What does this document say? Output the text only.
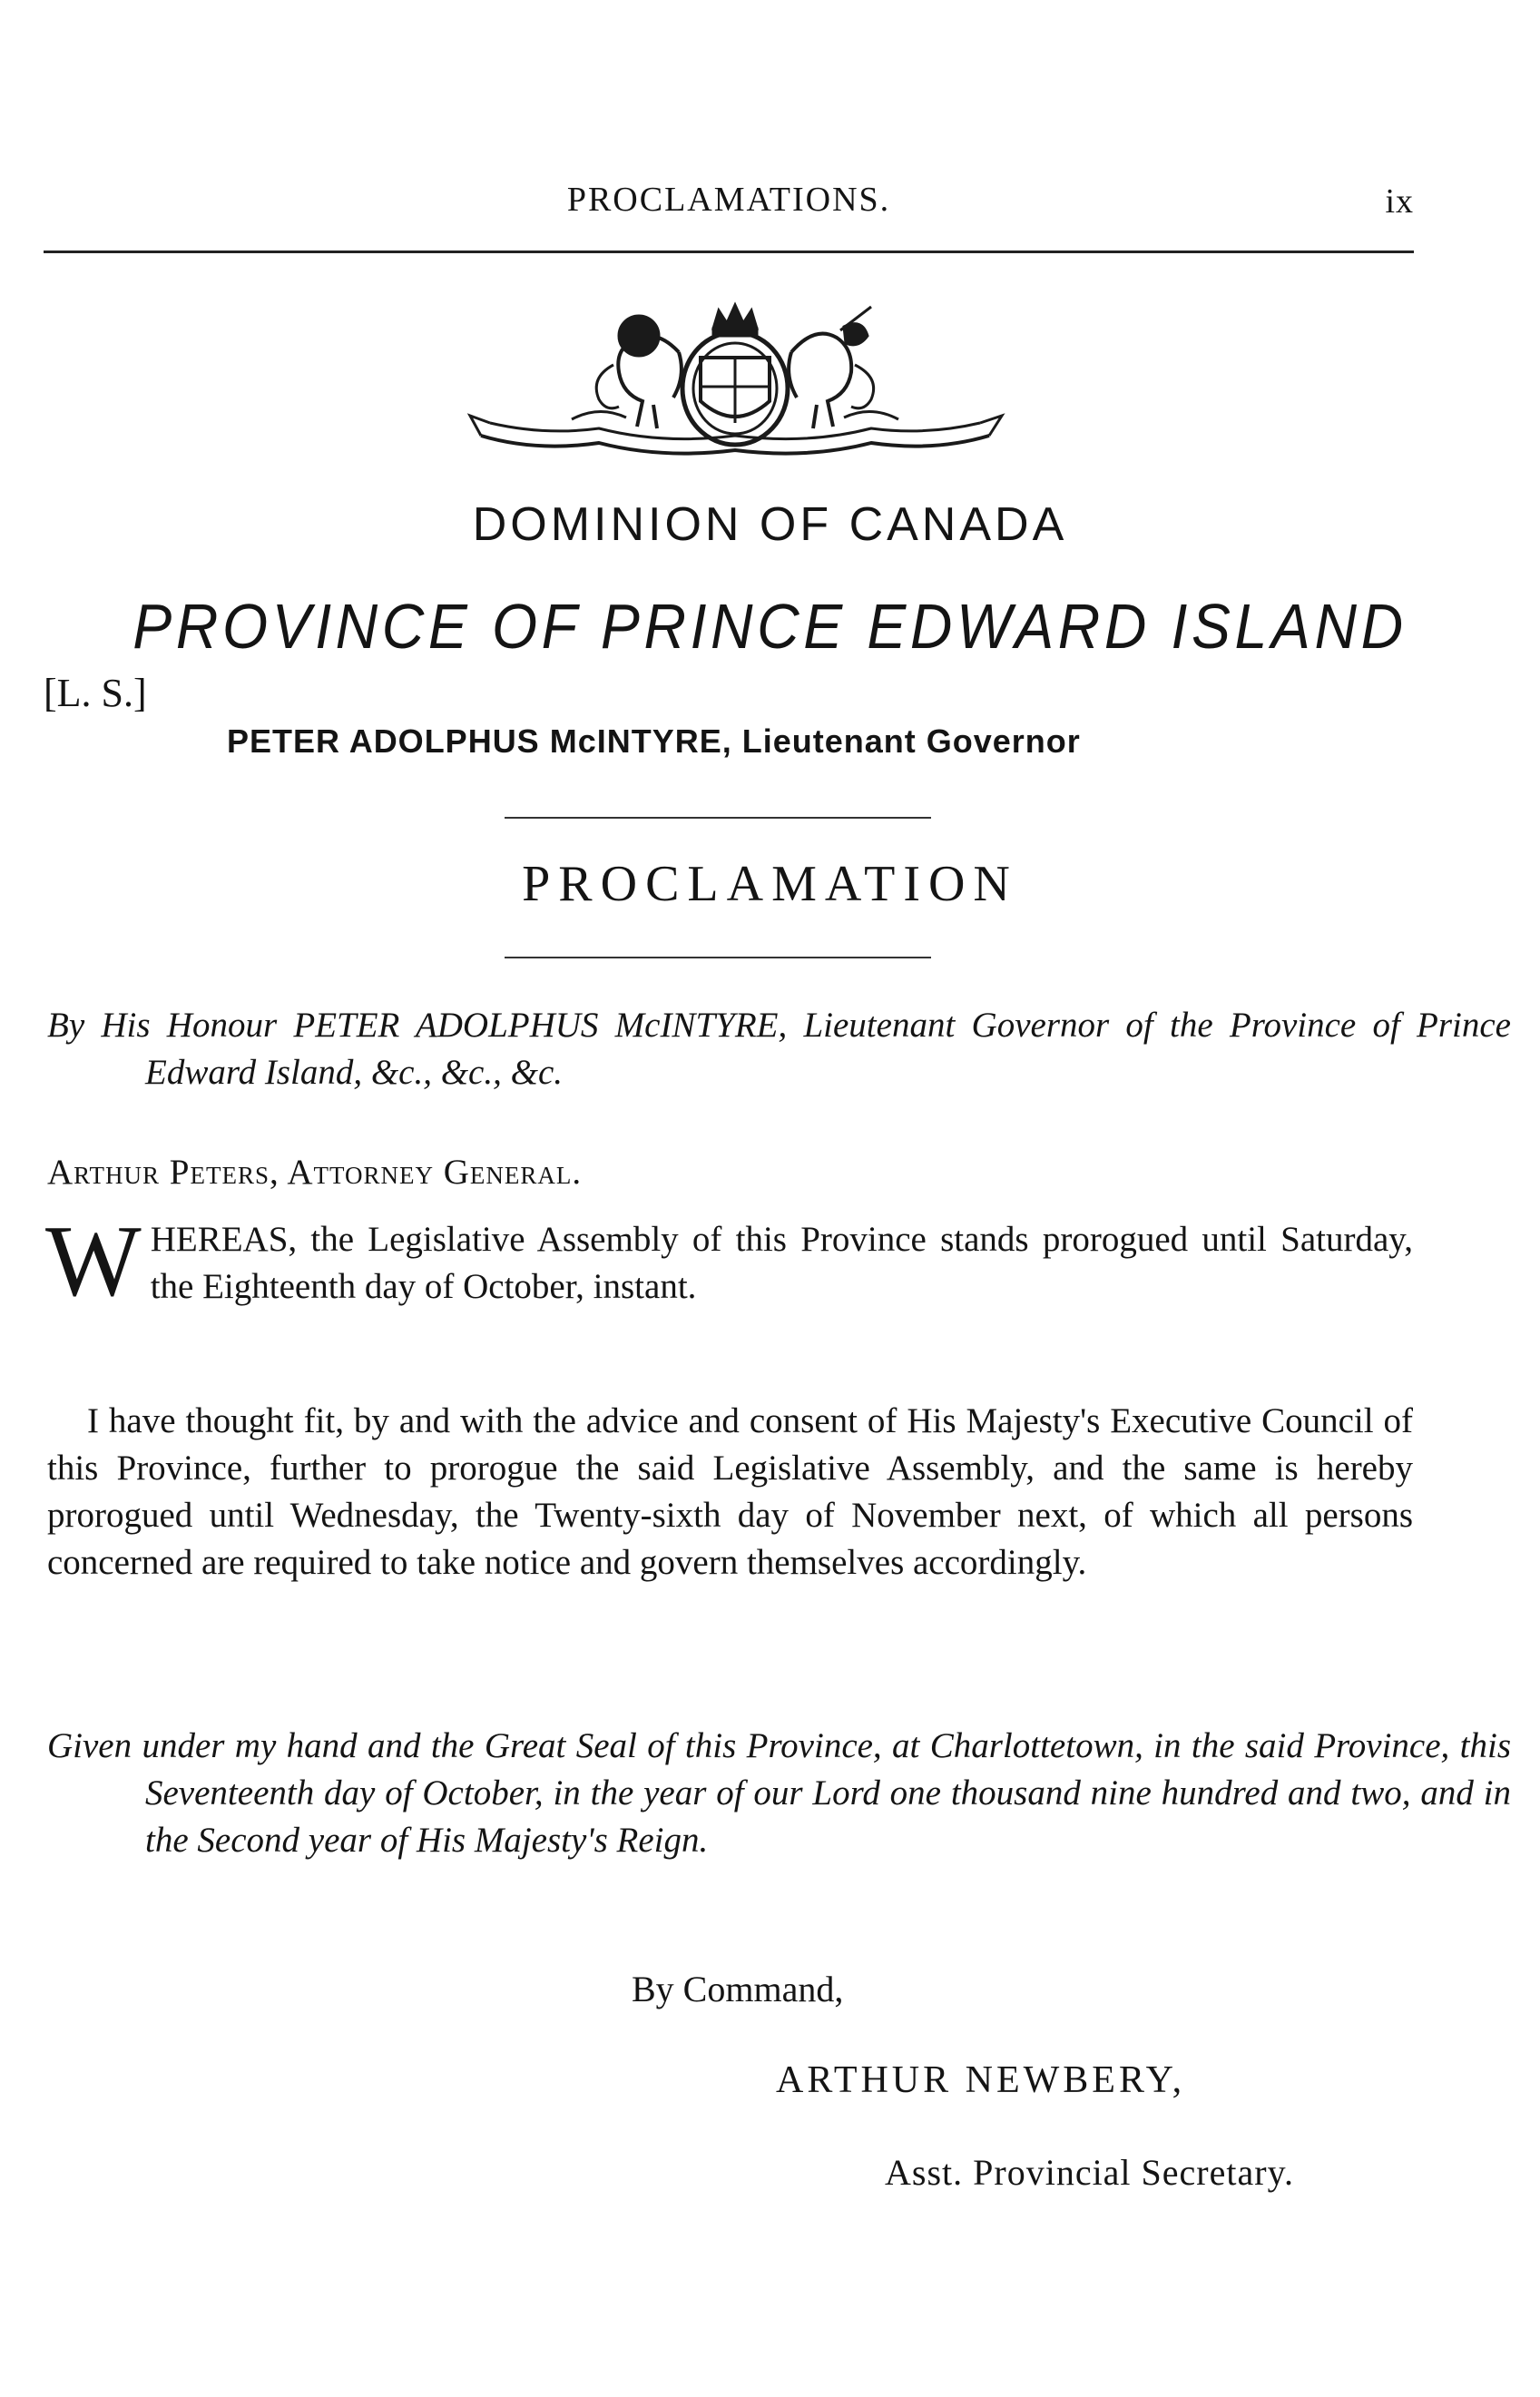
PROCLAMATIONS.	ix
DOMINION OF CANADA
PROVINCE OF PRINCE EDWARD ISLAND
[L. S.]
PETER ADOLPHUS McINTYRE, Lieutenant Governor
PROCLAMATION
By His Honour PETER ADOLPHUS McINTYRE, Lieutenant Governor of the Province of Prince Edward Island, &c., &c., &c.
Arthur Peters, Attorney General.
WHEREAS, the Legislative Assembly of this Province stands prorogued until Saturday, the Eighteenth day of October, instant.
I have thought fit, by and with the advice and consent of His Majesty's Executive Council of this Province, further to prorogue the said Legislative Assembly, and the same is hereby prorogued until Wednesday, the Twenty-sixth day of November next, of which all persons concerned are required to take notice and govern themselves accordingly.
Given under my hand and the Great Seal of this Province, at Charlottetown, in the said Province, this Seventeenth day of October, in the year of our Lord one thousand nine hundred and two, and in the Second year of His Majesty's Reign.
By Command,
ARTHUR NEWBERY,
Asst. Provincial Secretary.
